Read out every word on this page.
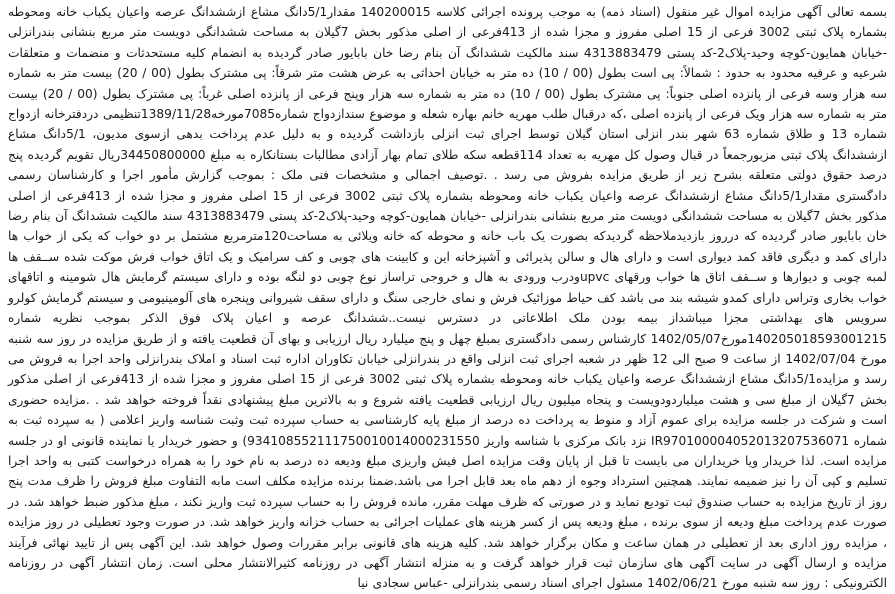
بسمه تعالی آگهی مزایده اموال غیر منقول (اسناد ذمه) به موجب پرونده اجرائی کلاسه 140200015 مقدار5/1دانگ مشاع ازششدانگ عرصه واعیان یکباب خانه ومحوطه بشماره پلاک ثبتی 3002 فرعی از 15 اصلی مفروز و مجزا شده از 413فرعی از اصلی مذکور بخش 7گیلان به مساحت ششدانگی دویست متر مربع بنشانی بندرانزلی -خیابان همایون-کوچه وحید-پلاک2-کد پستی 4313883479 سند مالکیت ششدانگ آن بنام رضا خان بابایور صادر گردیده به انضمام کلیه مستحدثات و منضمات و متعلقات شرعیه و عرفیه محدود به حدود : شمالاً: پی است بطول (00 / 10) ده متر به خیابان احداثی به عرض هشت متر شرقاً: پی مشترک بطول (00 / 20) بیست متر به شماره سه هزار وسه فرعی از پانزده اصلی جنوباً: پی مشترک بطول (00 / 10) ده متر به شماره سه هزار وپنج فرعی از پانزده اصلی غرباً: پی مشترک بطول (00 / 20) بیست متر به شماره سه هزار ویک فرعی از پانزده اصلی ،که درقبال طلب مهریه خانم بهاره شعله و موضوع سندازدواج شماره7085مورخه1389/11/28تنظیمی دردفترخانه ازدواج شماره 13 و طلاق شماره 63 شهر بندر انزلی استان گیلان توسط اجرای ثبت انزلی بازداشت گردیده و به دلیل عدم پرداخت بدهی ازسوی مدیون، 5/1دانگ مشاع ازششدانگ پلاک ثبتی مزبورجمعاً در قبال وصول کل مهریه به تعداد 114قطعه سکه طلای تمام بهار آزادی مطالبات بستانکاره به مبلغ 34450800000ریال تقویم گردیده پنج درصد حقوق دولتی متعلقه بشرح زیر از طریق مزایده بفروش می رسد . .توصیف اجمالی و مشخصات فنی ملک : بموجب گزارش مأمور اجرا و کارشناسان رسمی دادگستری مقدار5/1دانگ مشاع ازششدانگ عرصه واعیان یکباب خانه ومحوطه بشماره پلاک ثبتی 3002 فرعی از 15 اصلی مفروز و مجزا شده از 413فرعی از اصلی مذکور بخش 7گیلان به مساحت ششدانگی دویست متر مربع بنشانی بندرانزلی -خیابان همایون-کوچه وحید-پلاک2-کد پستی 4313883479 سند مالکیت ششدانگ آن بنام رضا خان بابایور صادر گردیده که درروز بازدیدملاحظه گردیدکه بصورت یک باب خانه و محوطه که خانه ویلائی به مساحت120مترمربع مشتمل بر دو خواب که یکی از خواب ها دارای کمد و دیگری فاقد کمد دیواری است و دارای هال و سالن پذیرائی و آشپزخانه این و کابینت های چوبی و کف سرامیک و یک اتاق خواب فرش موکت شده ســقف ها لمبه چوبی و دیوارها و ســقف اتاق ها خواب ورقهای upvcودرب ورودی به هال و خروجی تراساز نوع چوبی دو لنگه بوده و دارای سیستم گرمایش هال شومینه و اتاقهای خواب بخاری وتراس دارای کمدو شیشه بند می باشد کف حیاط موزائیک فرش و نمای خارجی سنگ و دارای سقف شیروانی وپنجره های آلومینیومی و سیستم گرمایش کولرو سرویس های بهداشتی مجزا میباشداز بیمه بودن ملک اطلاعاتی در دسترس نیست..ششدانگ عرصه و اعیان پلاک فوق الذکر بموجب نظریه شماره 140205018593001215مورخ1402/05/07 کارشناس رسمی دادگستری بمبلغ چهل و پنج میلیارد ریال ارزیابی و بهای آن قطعیت یافته و از طریق مزایده در روز سه شنبه مورخ 1402/07/04 از ساعت 9 صبح الی 12 ظهر در شعبه اجرای ثبت انزلی واقع در بندرانزلی خیابان تکاوران اداره ثبت اسناد و املاک بندرانزلی واحد اجرا به فروش می رسد و مزایده5/1دانگ مشاع ازششدانگ عرصه واعیان یکباب خانه ومحوطه بشماره پلاک ثبتی 3002 فرعی از 15 اصلی مفروز و مجزا شده از 413فرعی از اصلی مذکور بخش 7گیلان از مبلغ سی و هشت میلیاردودویست و پنجاه میلیون ریال ارزیابی قطعیت یافته شروع و به بالاترین مبلغ پیشنهادی نقداً فروخته خواهد شد . .مزایده حضوری است و شرکت در جلسه مزایده برای عموم آزاد و منوط به پرداخت ده درصد از مبلغ پایه کارشناسی به حساب سپرده ثبت وثبت شناسه واریز اعلامی ( به سپرده ثبت به شماره IR970100004052013207536071 نزد بانک مرکزی با شناسه واریز 934108552111750010014000231550) و حضور خریدار یا نماینده قانونی او در جلسه مزایده است. لذا خریدار ویا خریداران می بایست تا قبل از پایان وقت مزایده اصل فیش واریزی مبلغ ودیعه ده درصد به نام خود را به همراه درخواست کتبی به واحد اجرا تسلیم و کپی آن را نیز ضمیمه نمایند. همچنین استرداد وجوه از دهم ماه بعد قابل اجرا می باشد.ضمنا برنده مزایده مکلف است مابه التفاوت مبلغ فروش را ظرف مدت پنج روز از تاریخ مزایده به حساب صندوق ثبت تودیع نماید و در صورتی که ظرف مهلت مقرر، مانده فروش را به حساب سپرده ثبت واریز نکند ، مبلغ مذکور ضبط خواهد شد. در صورت عدم پرداخت مبلغ ودیعه از سوی برنده ، مبلغ ودیعه پس از کسر هزینه های عملیات اجرائی به حساب خزانه واریز خواهد شد. در صورت وجود تعطیلی در روز مزایده ، مزایده روز اداری بعد از تعطیلی در همان ساعت و مکان برگزار خواهد شد. کلیه هزینه های قانونی برابر مقررات وصول خواهد شد. این آگهی پس از تایید نهائی فرآیند مزایده و ارسال آگهی در سایت آگهی های سازمان ثبت قرار خواهد گرفت و به منزله انتشار آگهی در روزنامه کثیرالانتشار محلی است. زمان انتشار آگهی در روزنامه الکترونیکی : روز سه شنبه مورخ 1402/06/21 مسئول اجرای اسناد رسمی بندرانزلی -عباس سجادی نیا
